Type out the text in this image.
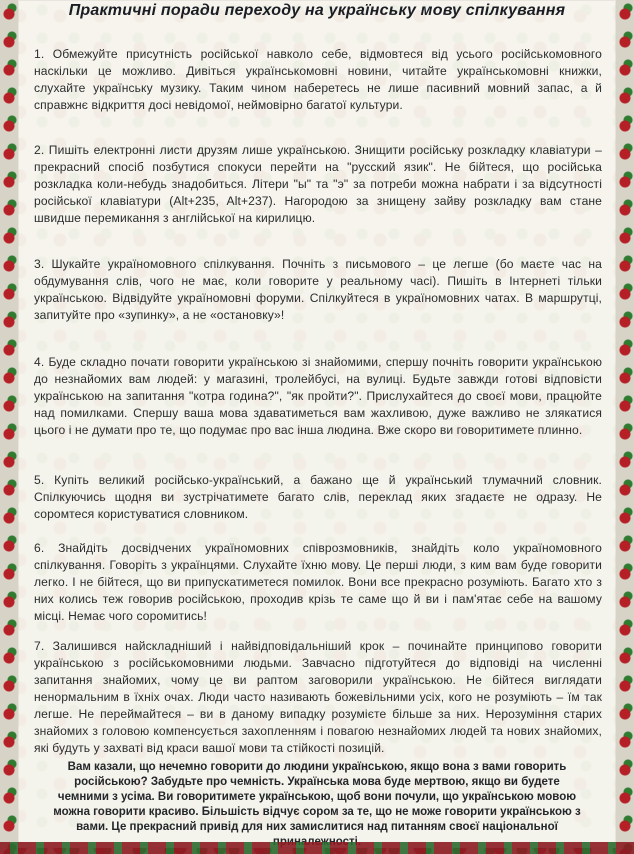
Практичні поради переходу на українську мову спілкування

1. Обмежуйте присутність російської навколо себе, відмовтеся від усього російськомовного наскільки це можливо. Дивіться українськомовні новини, читайте українськомовні книжки, слухайте українську музику. Таким чином наберетесь не лише пасивний мовний запас, а й справжнє відкриття досі невідомої, неймовірно багатої культури.

2. Пишіть електронні листи друзям лише українською. Знищити російську розкладку клавіатури – прекрасний спосіб позбутися спокуси перейти на "русский язик". Не бійтеся, що російська розкладка коли-небудь знадобиться. Літери "ы" та "э" за потреби можна набрати і за відсутності російської клавіатури (Alt+235, Alt+237). Нагородою за знищену зайву розкладку вам стане швидше перемикання з англійської на кирилицю.

3. Шукайте україномовного спілкування. Почніть з письмового – це легше (бо маєте час на обдумування слів, чого не має, коли говорите у реальному часі). Пишіть в Інтернеті тільки українською. Відвідуйте україномовні форуми. Спілкуйтеся в україномовних чатах. В маршрутці, запитуйте про «зупинку», а не «остановку»!

4. Буде складно почати говорити українською зі знайомими, спершу почніть говорити українською до незнайомих вам людей: у магазині, тролейбусі, на вулиці. Будьте завжди готові відповісти українською на запитання "котра година?", "як пройти?". Прислухайтеся до своєї мови, працюйте над помилками. Спершу ваша мова здаватиметься вам жахливою, дуже важливо не злякатися цього і не думати про те, що подумає про вас інша людина. Вже скоро ви говоритимете плинно.

5. Купіть великий російсько-український, а бажано ще й український тлумачний словник. Спілкуючись щодня ви зустрічатимете багато слів, переклад яких згадаєте не одразу. Не соромтеся користуватися словником.

6. Знайдіть досвідчених україномовних співрозмовників, знайдіть коло україномовного спілкування. Говоріть з українцями. Слухайте їхню мову. Це перші люди, з ким вам буде говорити легко. І не бійтеся, що ви припускатиметеся помилок. Вони все прекрасно розуміють. Багато хто з них колись теж говорив російською, проходив крізь те саме що й ви і пам'ятає себе на вашому місці. Немає чого соромитись!

7. Залишився найскладніший і найвідповідальніший крок – починайте принципово говорити українською з російськомовними людьми. Завчасно підготуйтеся до відповіді на численні запитання знайомих, чому це ви раптом заговорили українською. Не бійтеся виглядати ненормальним в їхніх очах. Люди часто називають божевільними усіх, кого не розуміють – їм так легше. Не переймайтеся – ви в даному випадку розумієте більше за них. Нерозуміння старих знайомих з головою компенсується захопленням і повагою незнайомих людей та нових знайомих, які будуть у захваті від краси вашої мови та стійкості позицій.

Вам казали, що нечемно говорити до людини українською, якщо вона з вами говорить російською? Забудьте про чемність. Українська мова буде мертвою, якщо ви будете чемними з усіма. Ви говоритимете українською, щоб вони почули, що українською мовою можна говорити красиво. Більшість відчує сором за те, що не може говорити українською з вами. Це прекрасний привід для них замислитися над питанням своєї національної
